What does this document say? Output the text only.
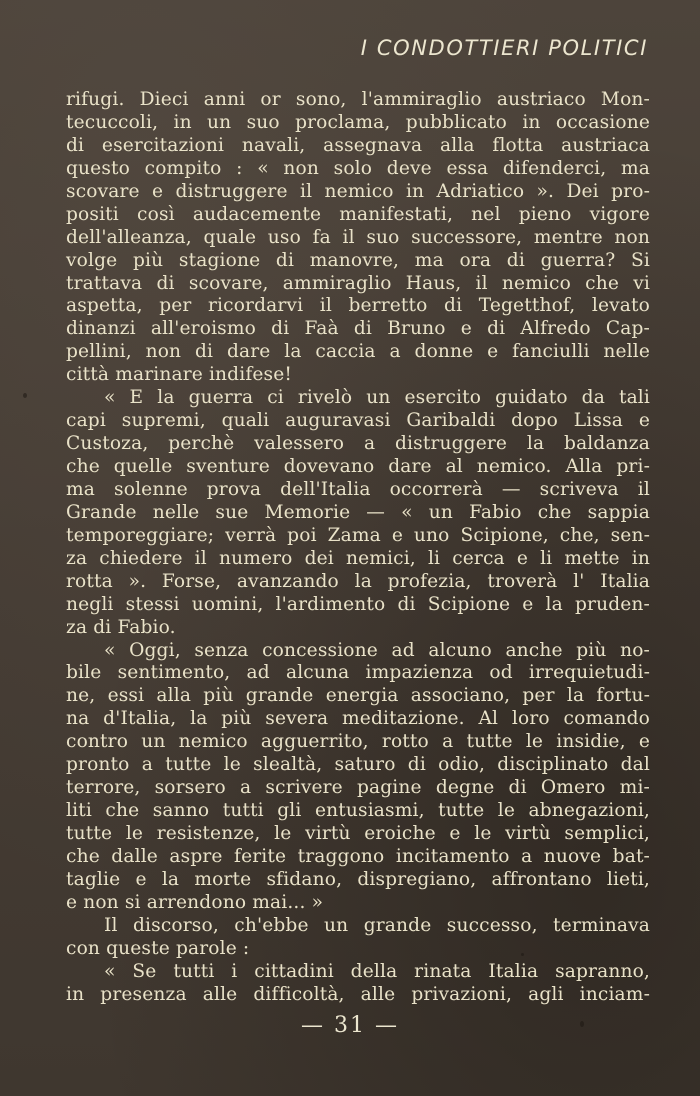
I CONDOTTIERI POLITICI
rifugi. Dieci anni or sono, l'ammiraglio austriaco Mon-
tecuccoli, in un suo proclama, pubblicato in occasione
di esercitazioni navali, assegnava alla flotta austriaca
questo compito : « non solo deve essa difenderci, ma
scovare e distruggere il nemico in Adriatico ». Dei pro-
positi così audacemente manifestati, nel pieno vigore
dell'alleanza, quale uso fa il suo successore, mentre non
volge più stagione di manovre, ma ora di guerra? Si
trattava di scovare, ammiraglio Haus, il nemico che vi
aspetta, per ricordarvi il berretto di Tegetthof, levato
dinanzi all'eroismo di Faà di Bruno e di Alfredo Cap-
pellini, non di dare la caccia a donne e fanciulli nelle
città marinare indifese!
« E la guerra ci rivelò un esercito guidato da tali
capi supremi, quali auguravasi Garibaldi dopo Lissa e
Custoza, perchè valessero a distruggere la baldanza
che quelle sventure dovevano dare al nemico. Alla pri-
ma solenne prova dell'Italia occorrerà — scriveva il
Grande nelle sue Memorie — « un Fabio che sappia
temporeggiare; verrà poi Zama e uno Scipione, che, sen-
za chiedere il numero dei nemici, li cerca e li mette in
rotta ». Forse, avanzando la profezia, troverà l' Italia
negli stessi uomini, l'ardimento di Scipione e la pruden-
za di Fabio.
« Oggi, senza concessione ad alcuno anche più no-
bile sentimento, ad alcuna impazienza od irrequietudi-
ne, essi alla più grande energia associano, per la fortu-
na d'Italia, la più severa meditazione. Al loro comando
contro un nemico agguerrito, rotto a tutte le insidie, e
pronto a tutte le slealtà, saturo di odio, disciplinato dal
terrore, sorsero a scrivere pagine degne di Omero mi-
liti che sanno tutti gli entusiasmi, tutte le abnegazioni,
tutte le resistenze, le virtù eroiche e le virtù semplici,
che dalle aspre ferite traggono incitamento a nuove bat-
taglie e la morte sfidano, dispregiano, affrontano lieti,
e non si arrendono mai... »
Il discorso, ch'ebbe un grande successo, terminava
con queste parole :
« Se tutti i cittadini della rinata Italia sapranno,
in presenza alle difficoltà, alle privazioni, agli inciam-
— 31 —
